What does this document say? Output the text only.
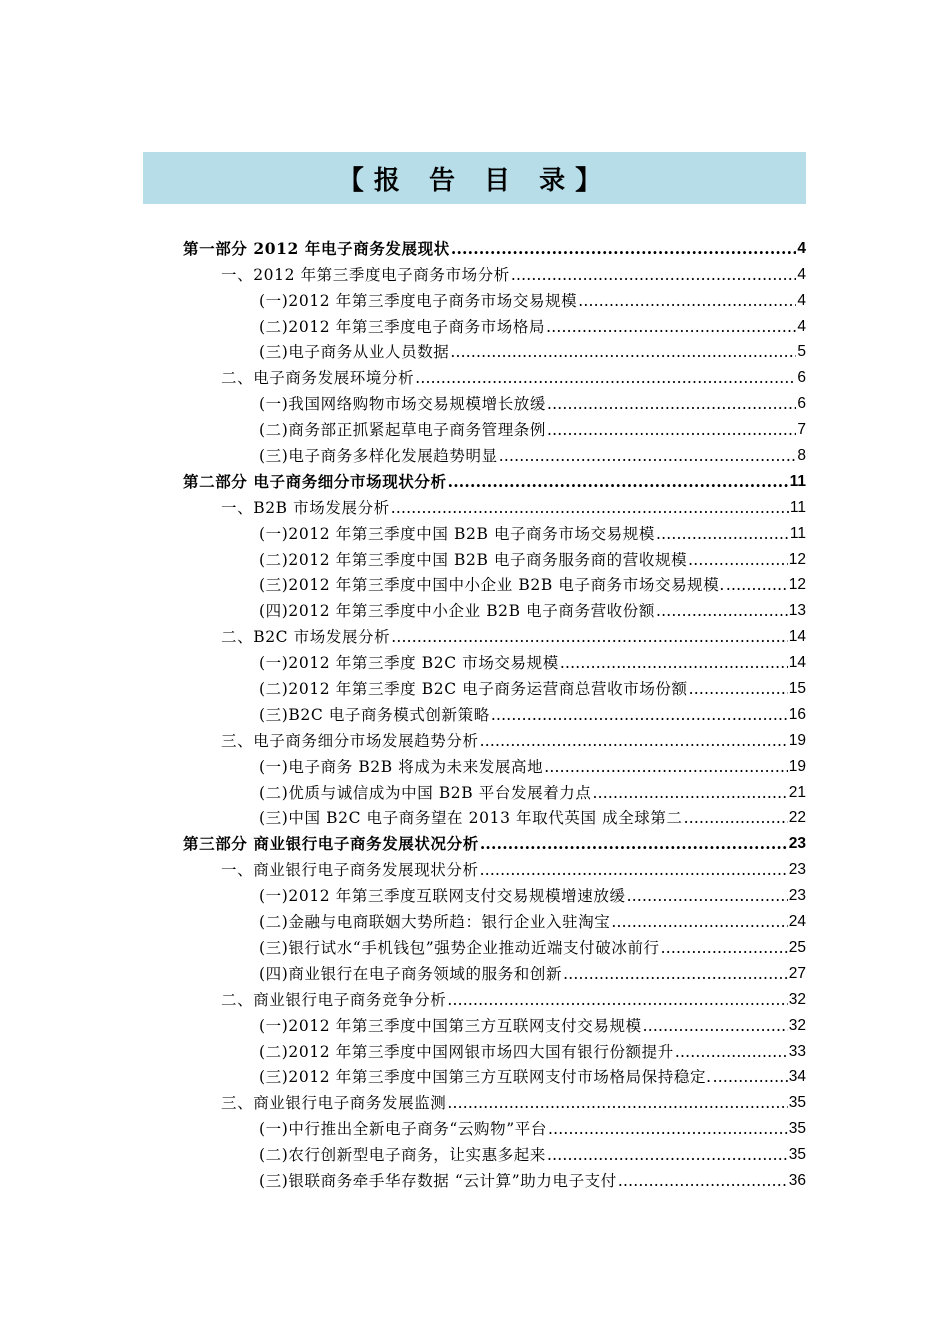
【报 告 目 录】
第一部分 2012 年电子商务发展现状 .....	4
一、2012 年第三季度电子商务市场分析 .....	4
(一)2012 年第三季度电子商务市场交易规模 .....	4
(二)2012 年第三季度电子商务市场格局 .....	4
(三)电子商务从业人员数据 .....	5
二、电子商务发展环境分析 .....	6
(一)我国网络购物市场交易规模增长放缓 .....	6
(二)商务部正抓紧起草电子商务管理条例 .....	7
(三)电子商务多样化发展趋势明显 .....	8
第二部分 电子商务细分市场现状分析 .....	11
一、B2B 市场发展分析 .....	11
(一)2012 年第三季度中国 B2B 电子商务市场交易规模 .....	11
(二)2012 年第三季度中国 B2B 电子商务服务商的营收规模 .....	12
(三)2012 年第三季度中国中小企业 B2B 电子商务市场交易规模. .....	12
(四)2012 年第三季度中小企业 B2B 电子商务营收份额 .....	13
二、B2C 市场发展分析 .....	14
(一)2012 年第三季度 B2C 市场交易规模 .....	14
(二)2012 年第三季度 B2C 电子商务运营商总营收市场份额 .....	15
(三)B2C 电子商务模式创新策略 .....	16
三、电子商务细分市场发展趋势分析 .....	19
(一)电子商务 B2B 将成为未来发展高地 .....	19
(二)优质与诚信成为中国 B2B 平台发展着力点 .....	21
(三)中国 B2C 电子商务望在 2013 年取代英国 成全球第二 .....	22
第三部分 商业银行电子商务发展状况分析 .....	23
一、商业银行电子商务发展现状分析 .....	23
(一)2012 年第三季度互联网支付交易规模增速放缓 .....	23
(二)金融与电商联姻大势所趋：银行企业入驻淘宝 .....	24
(三)银行试水“手机钱包”强势企业推动近端支付破冰前行 .....	25
(四)商业银行在电子商务领域的服务和创新 .....	27
二、商业银行电子商务竞争分析 .....	32
(一)2012 年第三季度中国第三方互联网支付交易规模 .....	32
(二)2012 年第三季度中国网银市场四大国有银行份额提升 .....	33
(三)2012 年第三季度中国第三方互联网支付市场格局保持稳定. .....	34
三、商业银行电子商务发展监测 .....	35
(一)中行推出全新电子商务“云购物”平台 .....	35
(二)农行创新型电子商务，让实惠多起来 .....	35
(三)银联商务牵手华存数据 “云计算”助力电子支付 .....	36
